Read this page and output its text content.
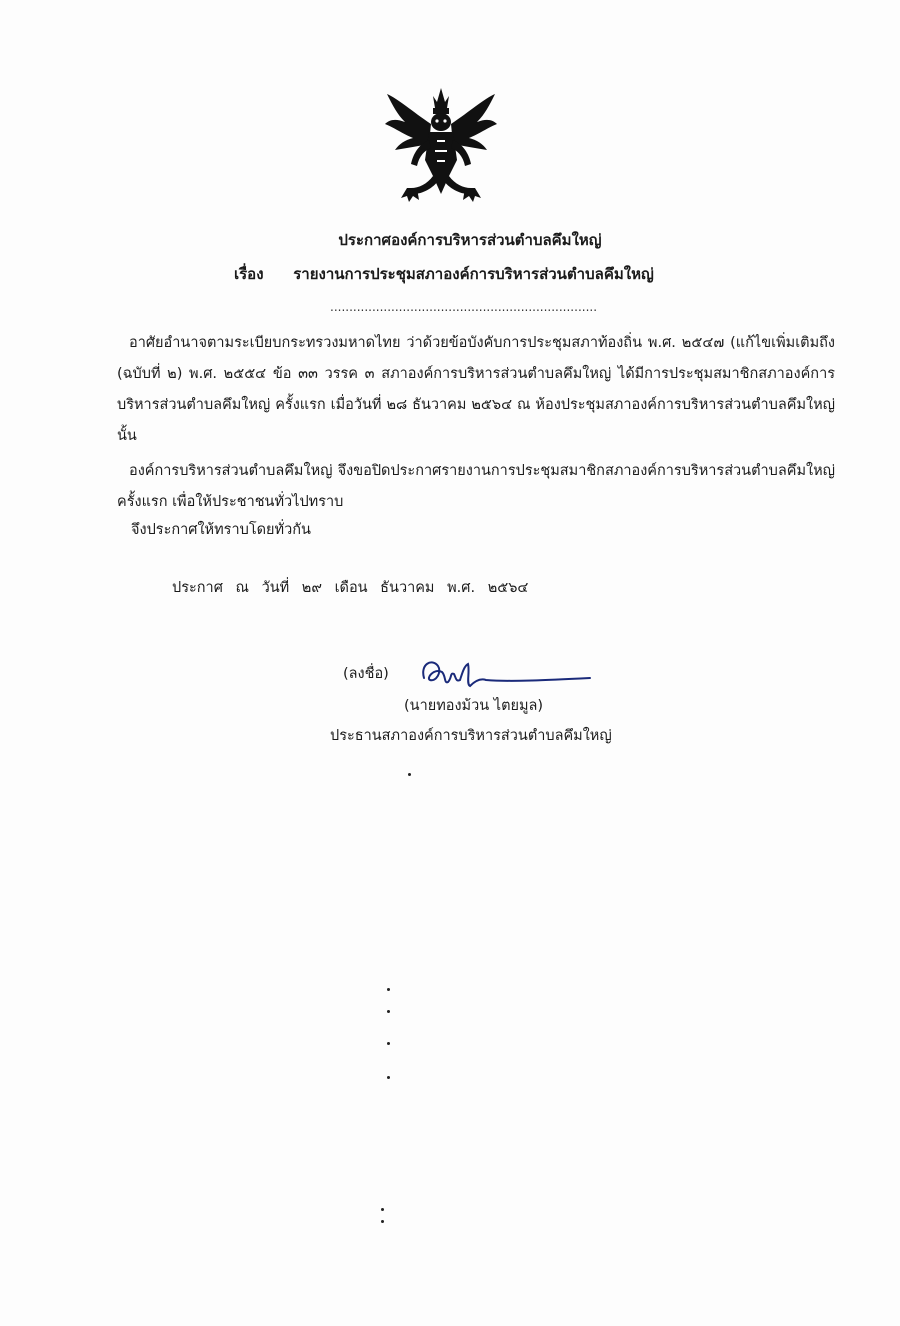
ประกาศองค์การบริหารส่วนตำบลคึมใหญ่
เรื่อง รายงานการประชุมสภาองค์การบริหารส่วนตำบลคึมใหญ่
......................................................................
อาศัยอำนาจตามระเบียบกระทรวงมหาดไทย ว่าด้วยข้อบังคับการประชุมสภาท้องถิ่น พ.ศ. ๒๕๔๗ (แก้ไขเพิ่มเติมถึง (ฉบับที่ ๒) พ.ศ. ๒๕๕๔ ข้อ ๓๓ วรรค ๓ สภาองค์การบริหารส่วนตำบลคึมใหญ่ ได้มีการประชุมสมาชิกสภาองค์การบริหารส่วนตำบลคึมใหญ่ ครั้งแรก เมื่อวันที่ ๒๘ ธันวาคม ๒๕๖๔ ณ ห้องประชุมสภาองค์การบริหารส่วนตำบลคึมใหญ่ นั้น
องค์การบริหารส่วนตำบลคึมใหญ่ จึงขอปิดประกาศรายงานการประชุมสมาชิกสภาองค์การบริหารส่วนตำบลคึมใหญ่ ครั้งแรก เพื่อให้ประชาชนทั่วไปทราบ
จึงประกาศให้ทราบโดยทั่วกัน
ประกาศ ณ วันที่ ๒๙ เดือน ธันวาคม พ.ศ. ๒๕๖๔
(ลงชื่อ)
(นายทองม้วน ไตยมูล)
ประธานสภาองค์การบริหารส่วนตำบลคึมใหญ่
